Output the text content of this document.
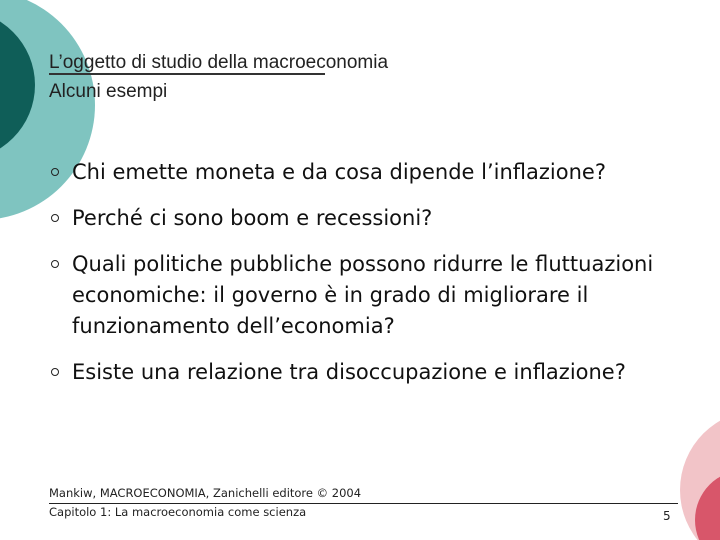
L’oggetto di studio della macroeconomia
Alcuni esempi
Chi emette moneta e da cosa dipende l’inflazione?
Perché ci sono boom e recessioni?
Quali politiche pubbliche possono ridurre le fluttuazioni economiche: il governo è in grado di migliorare il funzionamento dell’economia?
Esiste una relazione tra disoccupazione e inflazione?
Mankiw, MACROECONOMIA, Zanichelli editore © 2004
Capitolo 1: La macroeconomia come scienza	5
